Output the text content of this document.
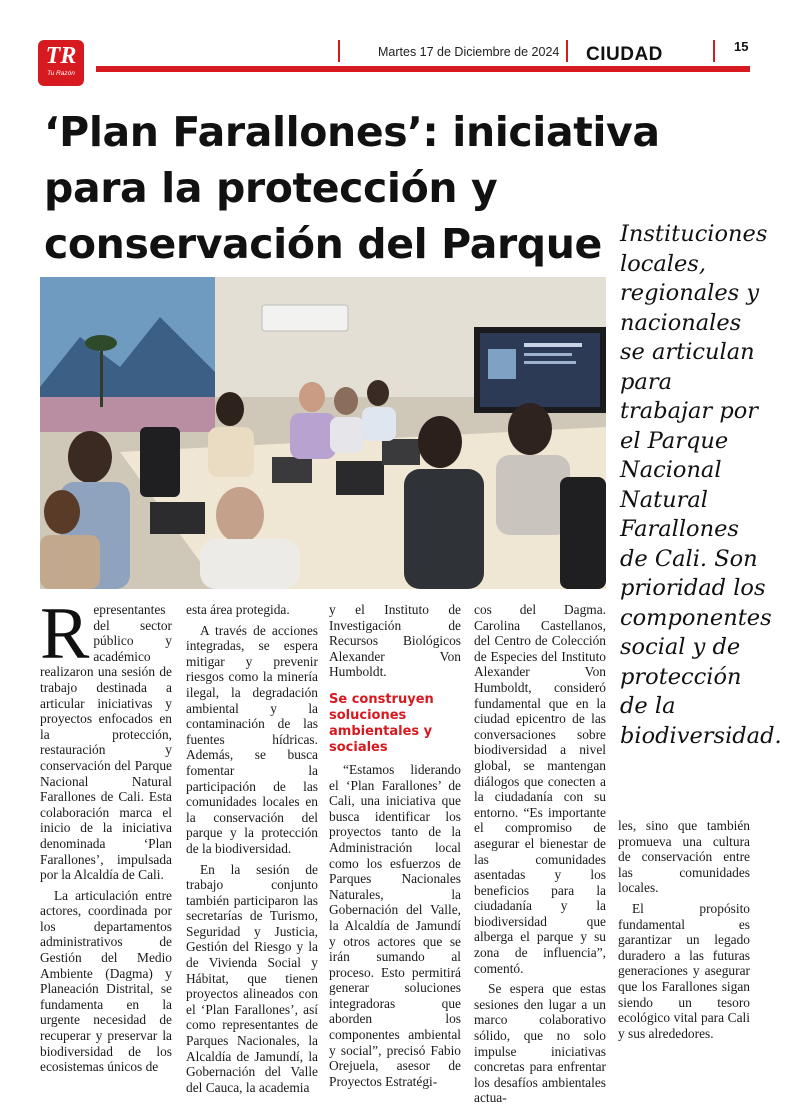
TR
Tu Razón
Martes 17 de Diciembre de 2024 CIUDAD	15
‘Plan Farallones’: iniciativa para la protección y conservación del Parque Instituciones locales, regionales y nacionales se articulan para trabajar por el Parque Nacional Natural Farallones de Cali. Son prioridad los componentes social y de protección de la biodiversidad.

Representantes del sector público y académico realizaron una sesión de trabajo destinada a articular iniciativas y proyectos enfocados en la protección, restauración y conservación del Parque Nacional Natural Farallones de Cali. Esta colaboración marca el inicio de la iniciativa denominada ‘Plan Farallones’, impulsada por la Alcaldía de Cali.

La articulación entre actores, coordinada por los departamentos administrativos de Gestión del Medio Ambiente (Dagma) y Planeación Distrital, se fundamenta en la urgente necesidad de recuperar y preservar la biodiversidad de los ecosistemas únicos de

esta área protegida.

A través de acciones integradas, se espera mitigar y prevenir riesgos como la minería ilegal, la degradación ambiental y la contaminación de las fuentes hídricas. Además, se busca fomentar la participación de las comunidades locales en la conservación del parque y la protección de la biodiversidad.

En la sesión de trabajo conjunto también participaron las secretarías de Turismo, Seguridad y Justicia, Gestión del Riesgo y la de Vivienda Social y Hábitat, que tienen proyectos alineados con el ‘Plan Farallones’, así como representantes de Parques Nacionales, la Alcaldía de Jamundí, la Gobernación del Valle del Cauca, la academia

y el Instituto de Investigación de Recursos Biológicos Alexander Von Humboldt.

Se construyen soluciones ambientales y sociales

“Estamos liderando el ‘Plan Farallones’ de Cali, una iniciativa que busca identificar los proyectos tanto de la Administración local como los esfuerzos de Parques Nacionales Naturales, la Gobernación del Valle, la Alcaldía de Jamundí y otros actores que se irán sumando al proceso. Esto permitirá generar soluciones integradoras que aborden los componentes ambiental y social”, precisó Fabio Orejuela, asesor de Proyectos Estratégi-

cos del Dagma. Carolina Castellanos, del Centro de Colección de Especies del Instituto Alexander Von Humboldt, consideró fundamental que en la ciudad epicentro de las conversaciones sobre biodiversidad a nivel global, se mantengan diálogos que conecten a la ciudadanía con su entorno. “Es importante el compromiso de asegurar el bienestar de las comunidades asentadas y los beneficios para la ciudadanía y la biodiversidad que alberga el parque y su zona de influencia”, comentó.

Se espera que estas sesiones den lugar a un marco colaborativo sólido, que no solo impulse iniciativas concretas para enfrentar los desafíos ambientales actua-

les, sino que también promueva una cultura de conservación entre las comunidades locales.

El propósito fundamental es garantizar un legado duradero a las futuras generaciones y asegurar que los Farallones sigan siendo un tesoro ecológico vital para Cali y sus alrededores.
